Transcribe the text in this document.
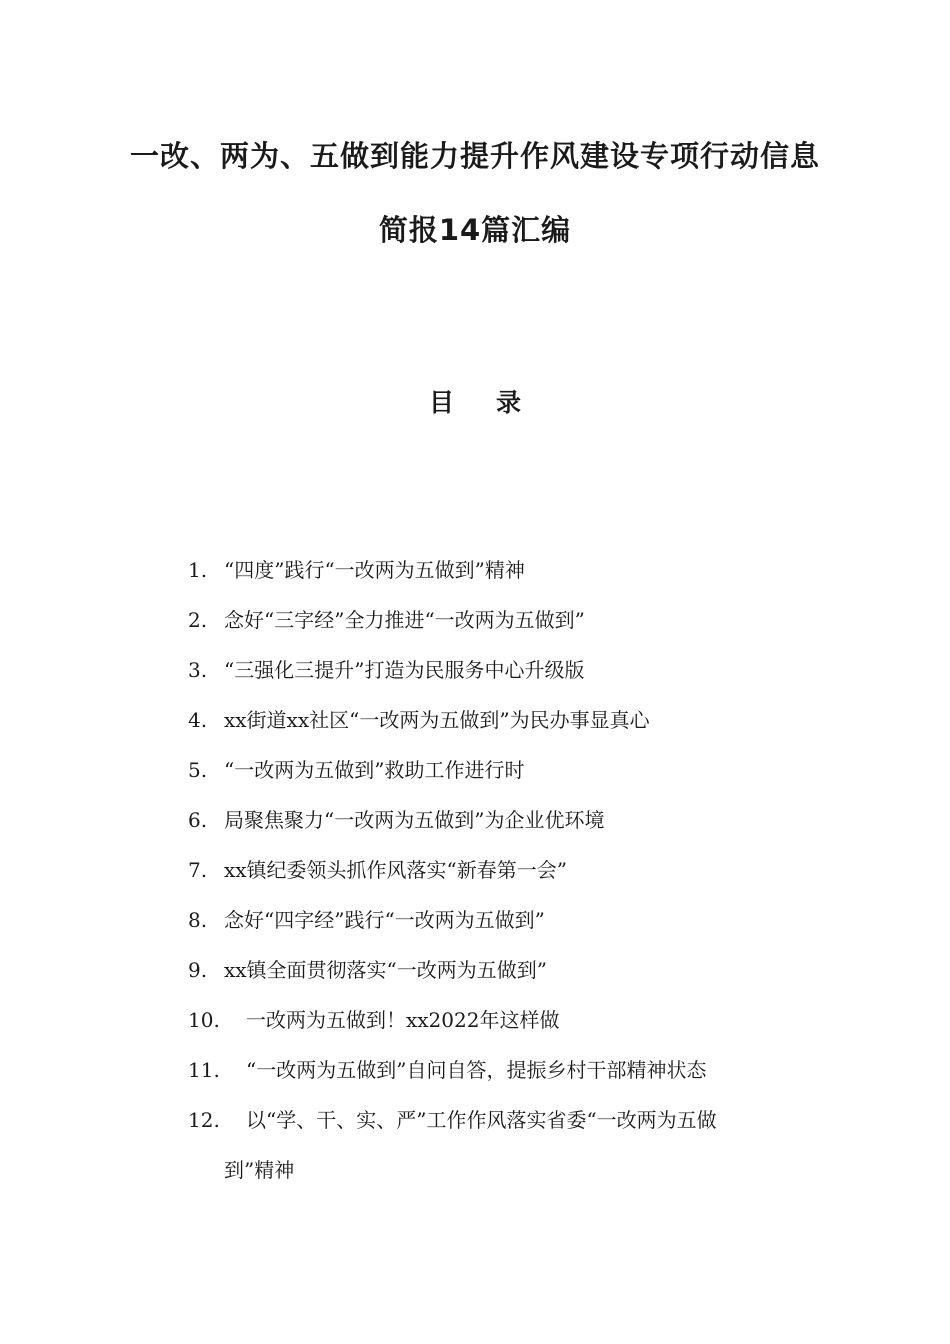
一改、两为、五做到能力提升作风建设专项行动信息
简报14篇汇编
目录
1. “四度”践行“一改两为五做到”精神
2. 念好“三字经”全力推进“一改两为五做到”
3. “三强化三提升”打造为民服务中心升级版
4. xx街道xx社区“一改两为五做到”为民办事显真心
5. “一改两为五做到”救助工作进行时
6. 局聚焦聚力“一改两为五做到”为企业优环境
7. xx镇纪委领头抓作风落实“新春第一会”
8. 念好“四字经”践行“一改两为五做到”
9. xx镇全面贯彻落实“一改两为五做到”
10. 一改两为五做到！xx2022年这样做
11. “一改两为五做到”自问自答，提振乡村干部精神状态
12. 以“学、干、实、严”工作作风落实省委“一改两为五做
到”精神
